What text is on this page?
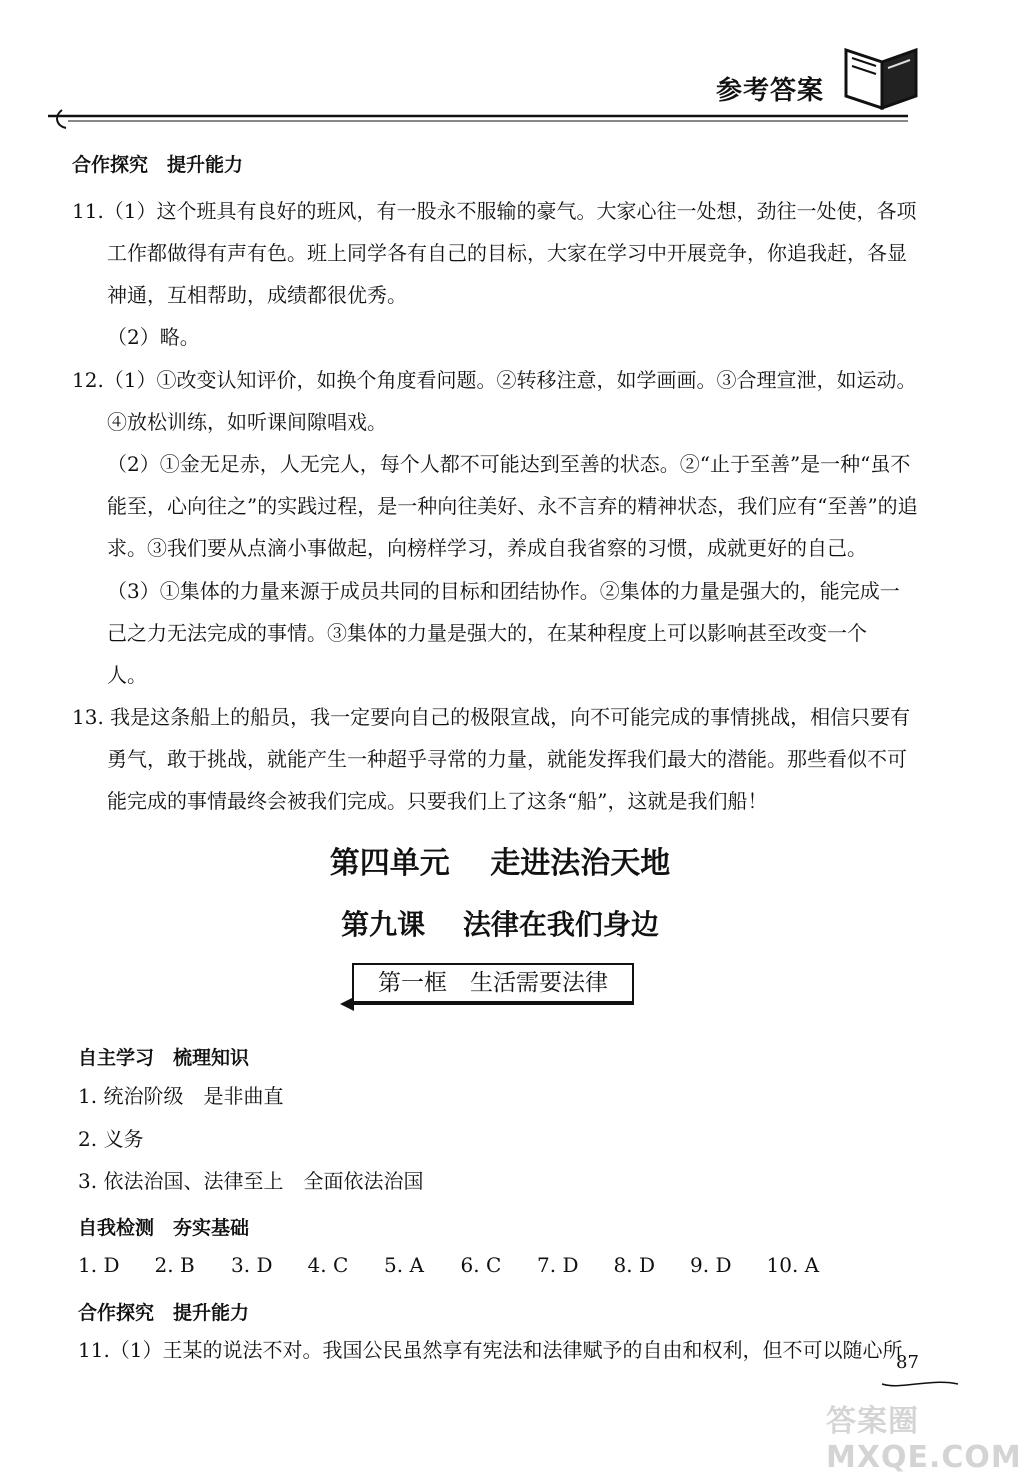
参考答案
合作探究　提升能力
11.（1）这个班具有良好的班风，有一股永不服输的豪气。大家心往一处想，劲往一处使，各项
工作都做得有声有色。班上同学各有自己的目标，大家在学习中开展竞争，你追我赶，各显
神通，互相帮助，成绩都很优秀。
（2）略。
12.（1）①改变认知评价，如换个角度看问题。②转移注意，如学画画。③合理宣泄，如运动。
④放松训练，如听课间隙唱戏。
（2）①金无足赤，人无完人，每个人都不可能达到至善的状态。②“止于至善”是一种“虽不
能至，心向往之”的实践过程，是一种向往美好、永不言弃的精神状态，我们应有“至善”的追
求。③我们要从点滴小事做起，向榜样学习，养成自我省察的习惯，成就更好的自己。
（3）①集体的力量来源于成员共同的目标和团结协作。②集体的力量是强大的，能完成一
己之力无法完成的事情。③集体的力量是强大的，在某种程度上可以影响甚至改变一个
人。
13. 我是这条船上的船员，我一定要向自己的极限宣战，向不可能完成的事情挑战，相信只要有
勇气，敢于挑战，就能产生一种超乎寻常的力量，就能发挥我们最大的潜能。那些看似不可
能完成的事情最终会被我们完成。只要我们上了这条“船”，这就是我们船！
第四单元　 走进法治天地
第九课　 法律在我们身边
第一框　生活需要法律
自主学习　梳理知识
1. 统治阶级　是非曲直
2. 义务
3. 依法治国、法律至上　全面依法治国
自我检测　夯实基础
1. D 2. B 3. D 4. C 5. A 6. C 7. D 8. D 9. D 10. A
合作探究　提升能力
11.（1）王某的说法不对。我国公民虽然享有宪法和法律赋予的自由和权利，但不可以随心所
87
答案圈 MXQE.COM
